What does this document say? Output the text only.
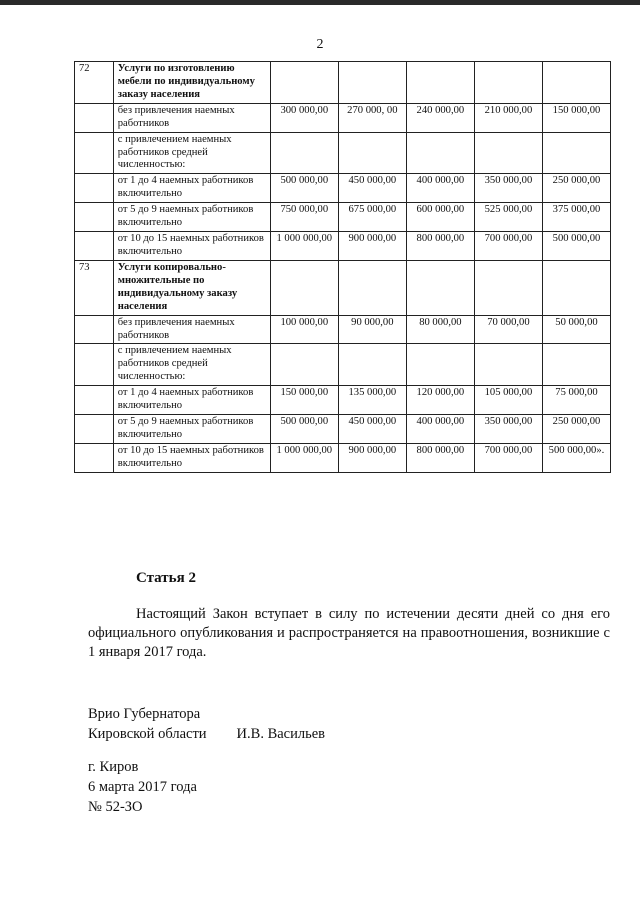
2
72	Услуги по изготовлению мебели по индивидуальному заказу населения					
	без привлечения наемных работников	300 000,00	270 000, 00	240 000,00	210 000,00	150 000,00
	с привлечением наемных работников средней численностью:					
	от 1 до 4 наемных работников включительно	500 000,00	450 000,00	400 000,00	350 000,00	250 000,00
	от 5 до 9 наемных работников включительно	750 000,00	675 000,00	600 000,00	525 000,00	375 000,00
	от 10 до 15 наемных работников включительно	1 000 000,00	900 000,00	800 000,00	700 000,00	500 000,00
73	Услуги копировально-множительные по индивидуальному заказу населения					
	без привлечения наемных работников	100 000,00	90 000,00	80 000,00	70 000,00	50 000,00
	с привлечением наемных работников средней численностью:					
	от 1 до 4 наемных работников включительно	150 000,00	135 000,00	120 000,00	105 000,00	75 000,00
	от 5 до 9 наемных работников включительно	500 000,00	450 000,00	400 000,00	350 000,00	250 000,00
	от 10 до 15 наемных работников включительно	1 000 000,00	900 000,00	800 000,00	700 000,00	500 000,00».
Статья 2
Настоящий Закон вступает в силу по истечении десяти дней со дня его официального опубликования и распространяется на правоотношения, возникшие с 1 января 2017 года.
Врио Губернатора
Кировской области И.В. Васильев
г. Киров
6 марта 2017 года
№ 52-ЗО
